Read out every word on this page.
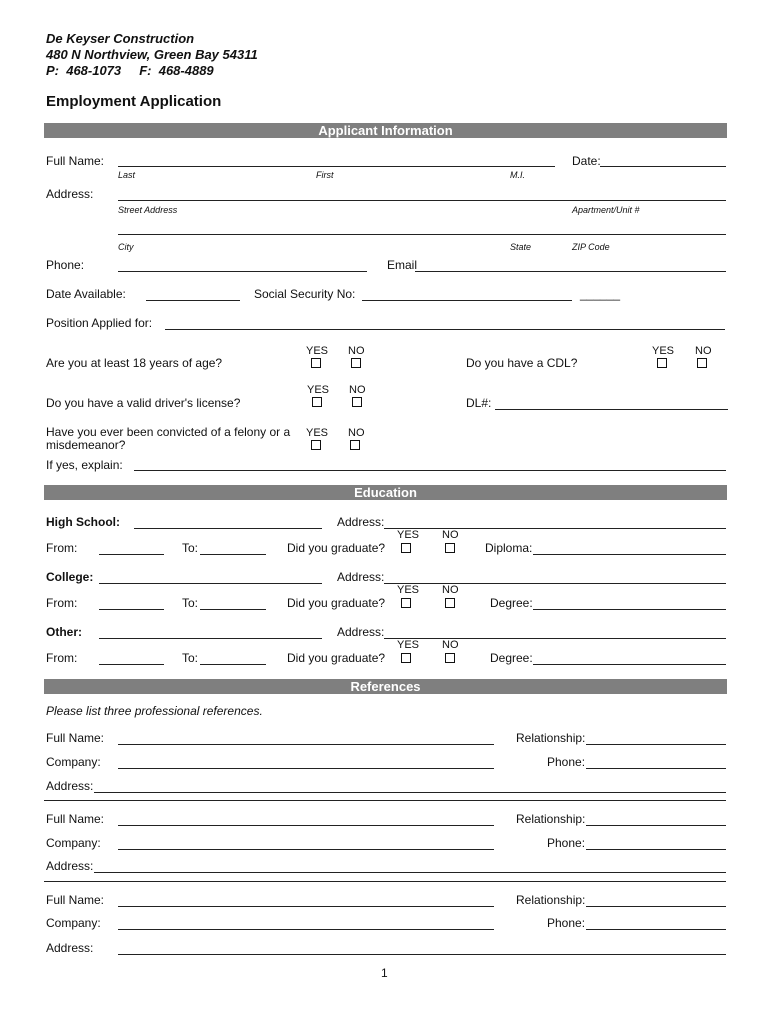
De Keyser Construction
480 N Northview, Green Bay 54311
P:  468-1073     F:  468-4889
Employment Application
Applicant Information
Full Name:	Date:
Last	First	M.I.
Address:
Street Address	Apartment/Unit #
City	State	ZIP Code
Phone:	Email
Date Available:	Social Security No:	______
Position Applied for:
YES NO
Are you at least 18 years of age?	Do you have a CDL?
YES NO
YES NO
Do you have a valid driver's license?	DL#:
Have you ever been convicted of a felony or a
misdemeanor?
YES NO
If yes, explain:
Education
High School:	Address:
YES NO
From:	To:	Did you graduate?	Diploma:
College:	Address:
YES NO
From:	To:	Did you graduate?	Degree:
Other:	Address:
YES NO
From:	To:	Did you graduate?	Degree:
References
Please list three professional references.
Full Name:	Relationship:
Company:	Phone:
Address:
Full Name:	Relationship:
Company:	Phone:
Address:
Full Name:	Relationship:
Company:	Phone:
Address:
1
